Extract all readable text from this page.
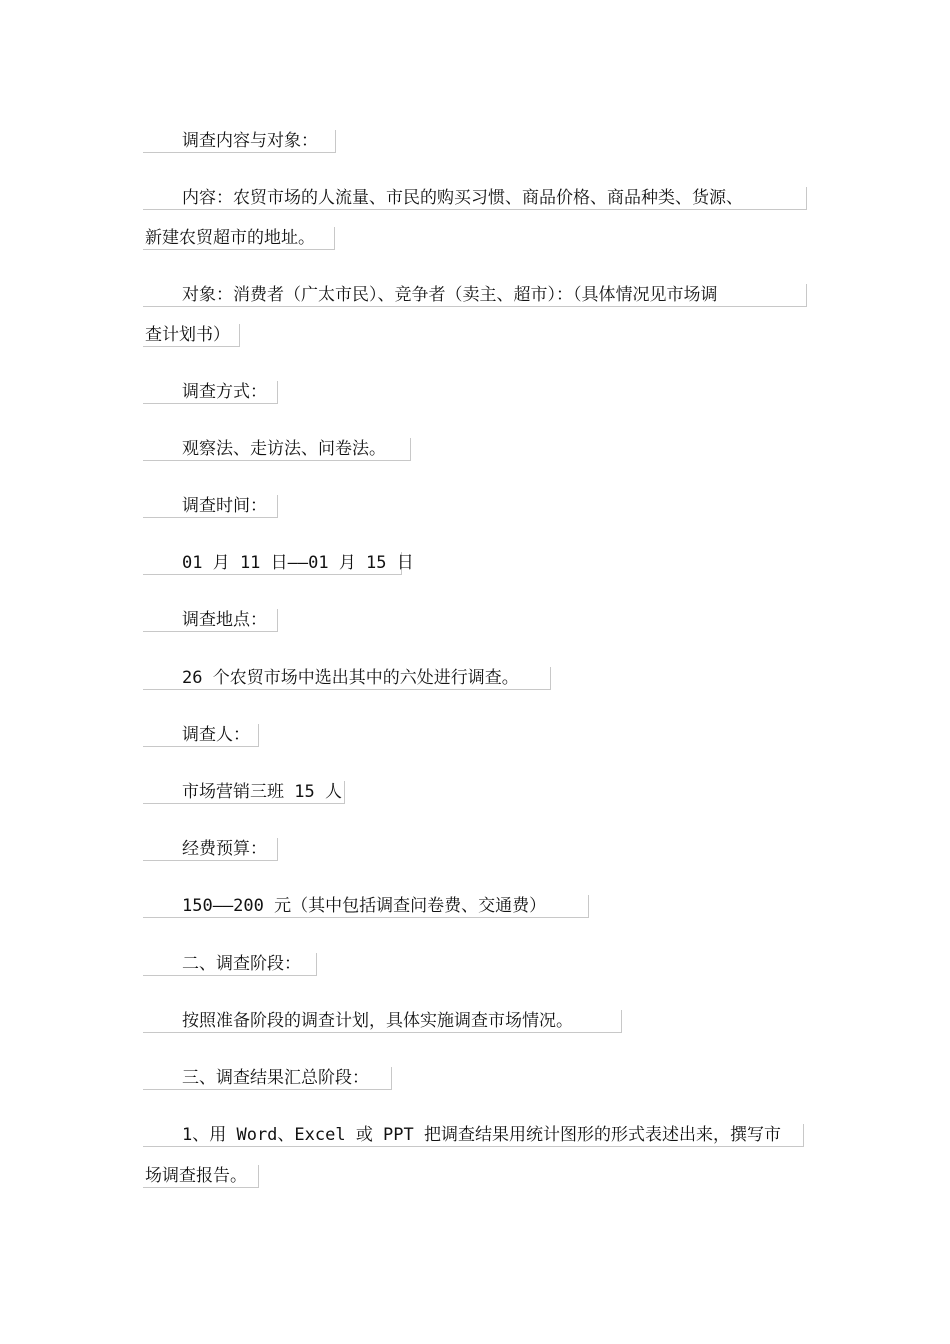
调查内容与对象：
内容：农贸市场的人流量、市民的购买习惯、商品价格、商品种类、货源、
新建农贸超市的地址。
对象：消费者（广太市民）、竞争者（卖主、超市）：（具体情况见市场调
查计划书）
调查方式：
观察法、走访法、问卷法。
调查时间：
01 月 11 日——01 月 15 日
调查地点：
26 个农贸市场中选出其中的六处进行调查。
调查人：
市场营销三班 15 人
经费预算：
150——200 元（其中包括调查问卷费、交通费）
二、调查阶段：
按照准备阶段的调查计划，具体实施调查市场情况。
三、调查结果汇总阶段：
1、用 Word、Excel 或 PPT 把调查结果用统计图形的形式表述出来，撰写市
场调查报告。
